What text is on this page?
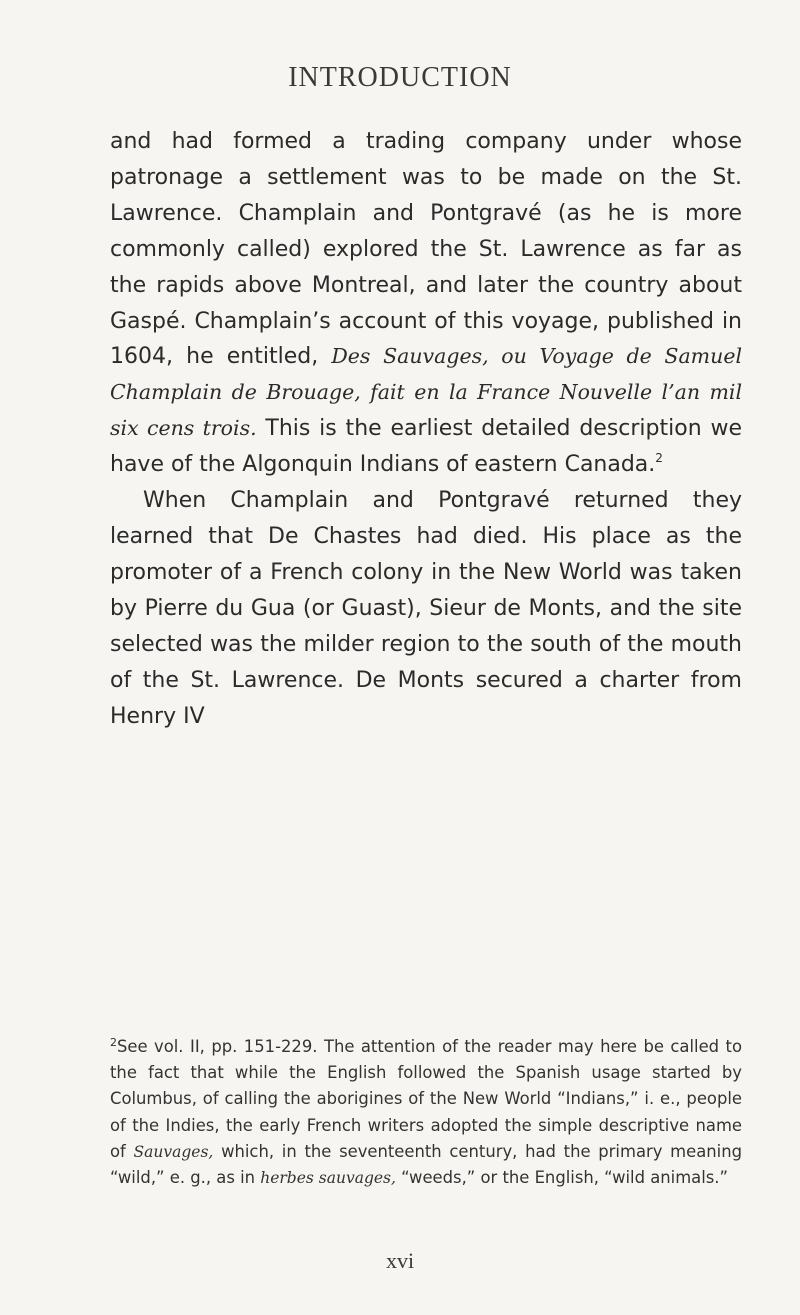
INTRODUCTION

and had formed a trading company under whose patronage a settlement was to be made on the St. Lawrence. Champlain and Pontgravé (as he is more commonly called) explored the St. Lawrence as far as the rapids above Montreal, and later the country about Gaspé. Champlain’s account of this voyage, published in 1604, he entitled, Des Sauvages, ou Voyage de Samuel Champlain de Brouage, fait en la France Nouvelle l’an mil six cens trois. This is the earliest detailed description we have of the Algonquin Indians of eastern Canada.$^2$

When Champlain and Pontgravé returned they learned that De Chastes had died. His place as the promoter of a French colony in the New World was taken by Pierre du Gua (or Guast), Sieur de Monts, and the site selected was the milder region to the south of the mouth of the St. Lawrence. De Monts secured a charter from Henry IV

$^2$See vol. II, pp. 151-229. The attention of the reader may here be called to the fact that while the English followed the Spanish usage started by Columbus, of calling the aborigines of the New World “Indians,” i. e., people of the Indies, the early French writers adopted the simple descriptive name of Sauvages, which, in the seventeenth century, had the primary meaning “wild,” e. g., as in herbes sauvages, “weeds,” or the English, “wild animals.”
xvi
